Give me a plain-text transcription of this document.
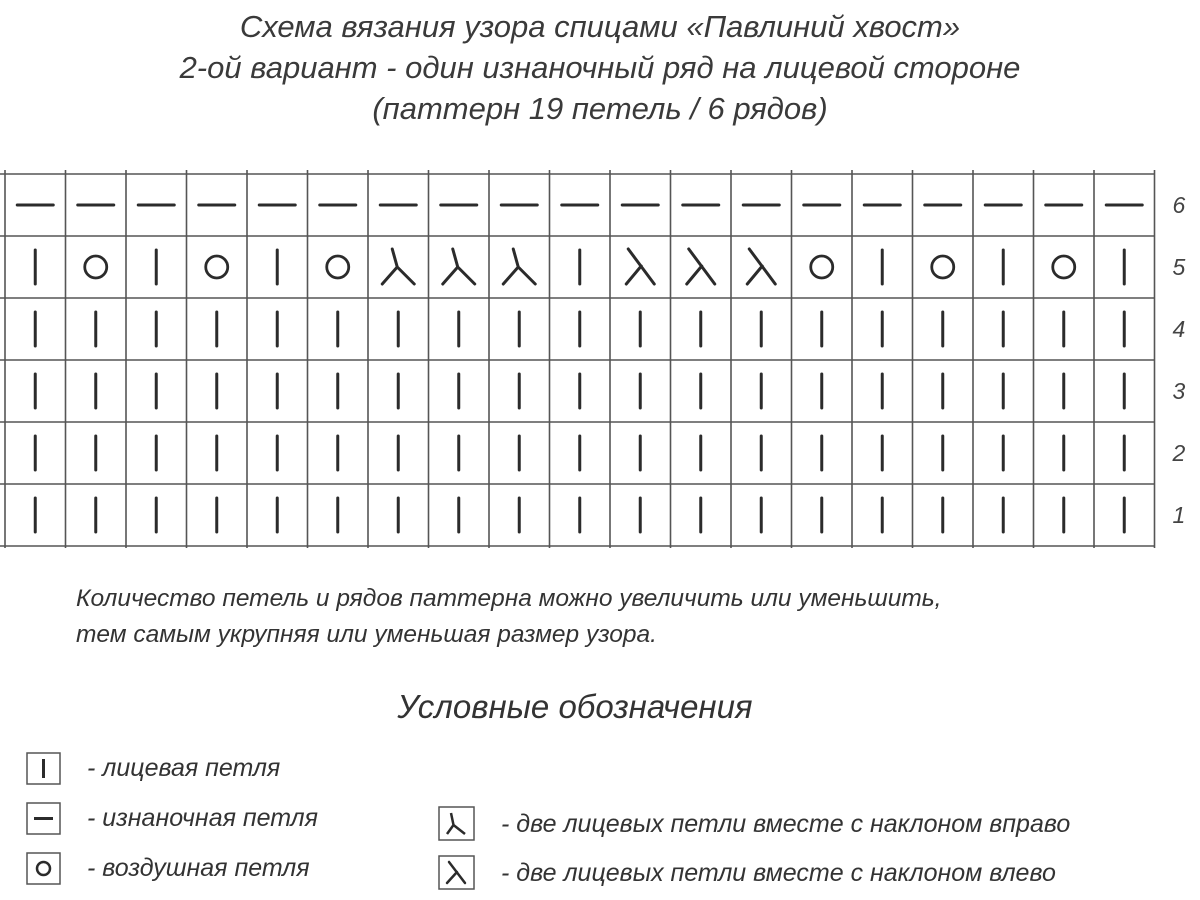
Схема вязания узора спицами «Павлиний хвост»
2-ой вариант - один изнаночный ряд на лицевой стороне
(паттерн 19 петель / 6 рядов)
6
5
4
3
2
1
Количество петель и рядов паттерна можно увеличить или уменьшить,
тем самым укрупняя или уменьшая размер узора.
Условные обозначения
- лицевая петля
- изнаночная петля
- воздушная петля
- две лицевых петли вместе с наклоном вправо
- две лицевых петли вместе с наклоном влево
